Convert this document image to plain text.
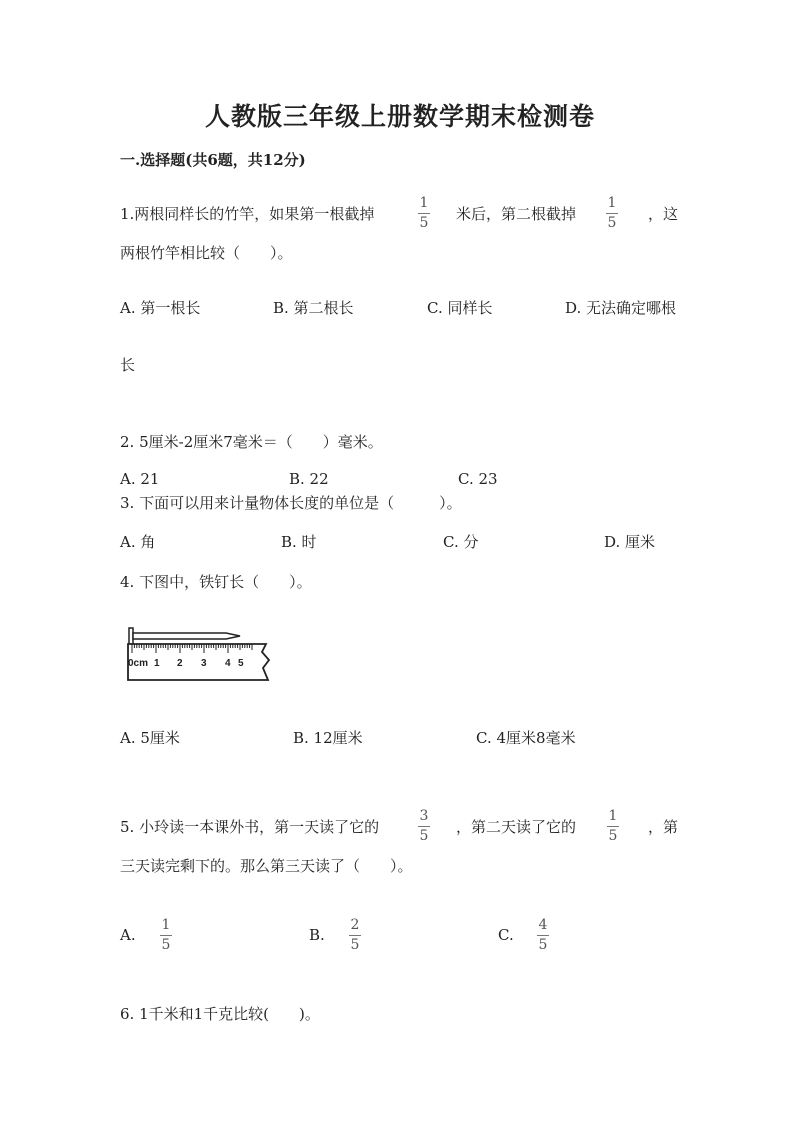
人教版三年级上册数学期末检测卷
一.选择题(共6题，共12分)
1.两根同样长的竹竿，如果第一根截掉
1
5 米后，第二根截掉
1
5 ，这
两根竹竿相比较（　　）。
A. 第一根长	B. 第二根长	C. 同样长	D. 无法确定哪根
长
2. 5厘米-2厘米7毫米＝（　　）毫米。
A. 21	B. 22	C. 23
3. 下面可以用来计量物体长度的单位是（　　　）。
A. 角	B. 时	C. 分	D. 厘米
4. 下图中，铁钉长（　　）。
0cm 1 2 3 4 5
A. 5厘米	B. 12厘米	C. 4厘米8毫米
5. 小玲读一本课外书，第一天读了它的
3
5 ，第二天读了它的
1
5 ，第
三天读完剩下的。那么第三天读了（　　）。
A.
1
5
B.
2
5
C.
4
5
6. 1千米和1千克比较(　　)。
